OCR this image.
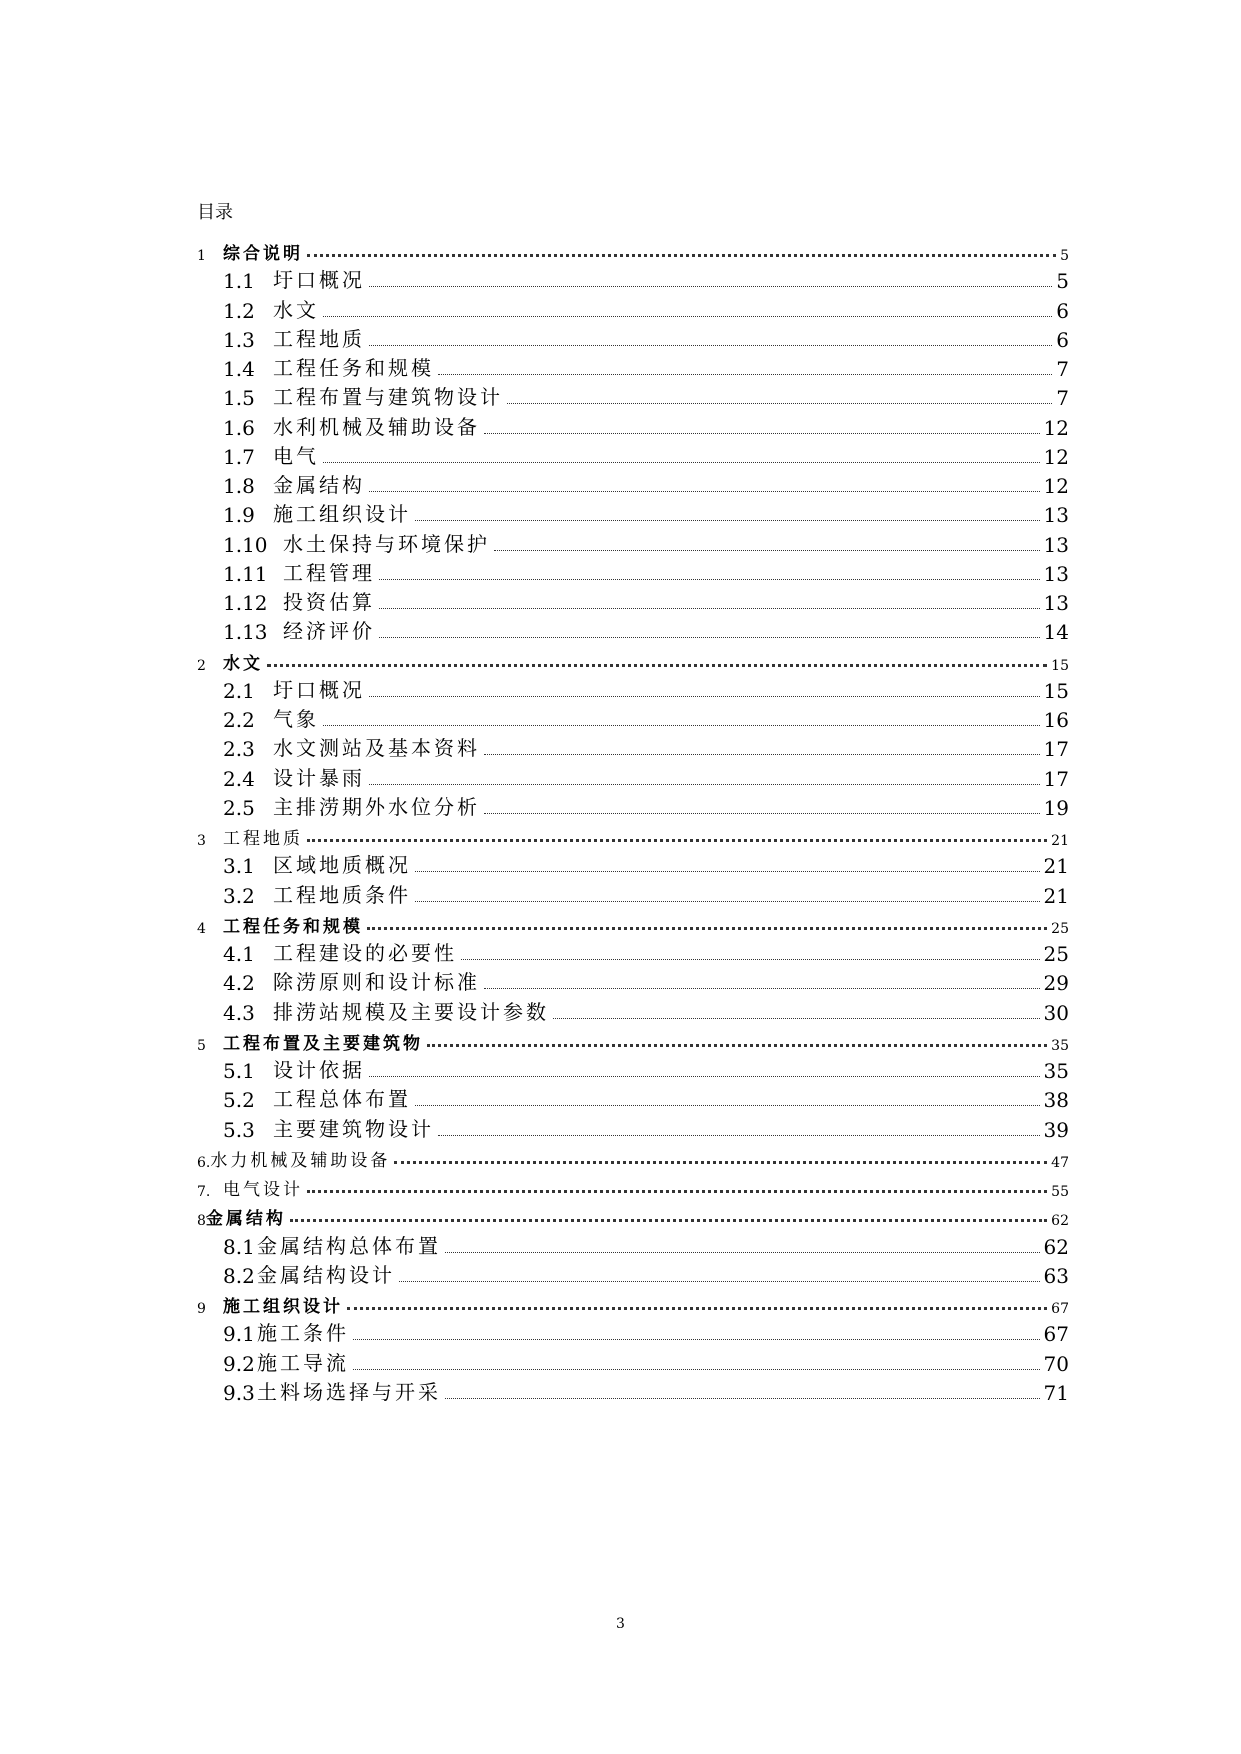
目录
1	综合说明	5
1.1 圩口概况	5
1.2 水文	6
1.3 工程地质	6
1.4 工程任务和规模	7
1.5 工程布置与建筑物设计	7
1.6 水利机械及辅助设备	12
1.7 电气	12
1.8 金属结构	12
1.9 施工组织设计	13
1.10 水土保持与环境保护	13
1.11 工程管理	13
1.12 投资估算	13
1.13 经济评价	14
2	水文	15
2.1 圩口概况	15
2.2 气象	16
2.3 水文测站及基本资料	17
2.4 设计暴雨	17
2.5 主排涝期外水位分析	19
3	工程地质	21
3.1 区域地质概况	21
3.2 工程地质条件	21
4	工程任务和规模	25
4.1 工程建设的必要性	25
4.2 除涝原则和设计标准	29
4.3 排涝站规模及主要设计参数	30
5	工程布置及主要建筑物	35
5.1 设计依据	35
5.2 工程总体布置	38
5.3 主要建筑物设计	39
6. 水力机械及辅助设备	47
7. 电气设计	55
8 金属结构	62
8.1 金属结构总体布置	62
8.2 金属结构设计	63
9	施工组织设计	67
9.1 施工条件	67
9.2 施工导流	70
9.3 土料场选择与开采	71
3
